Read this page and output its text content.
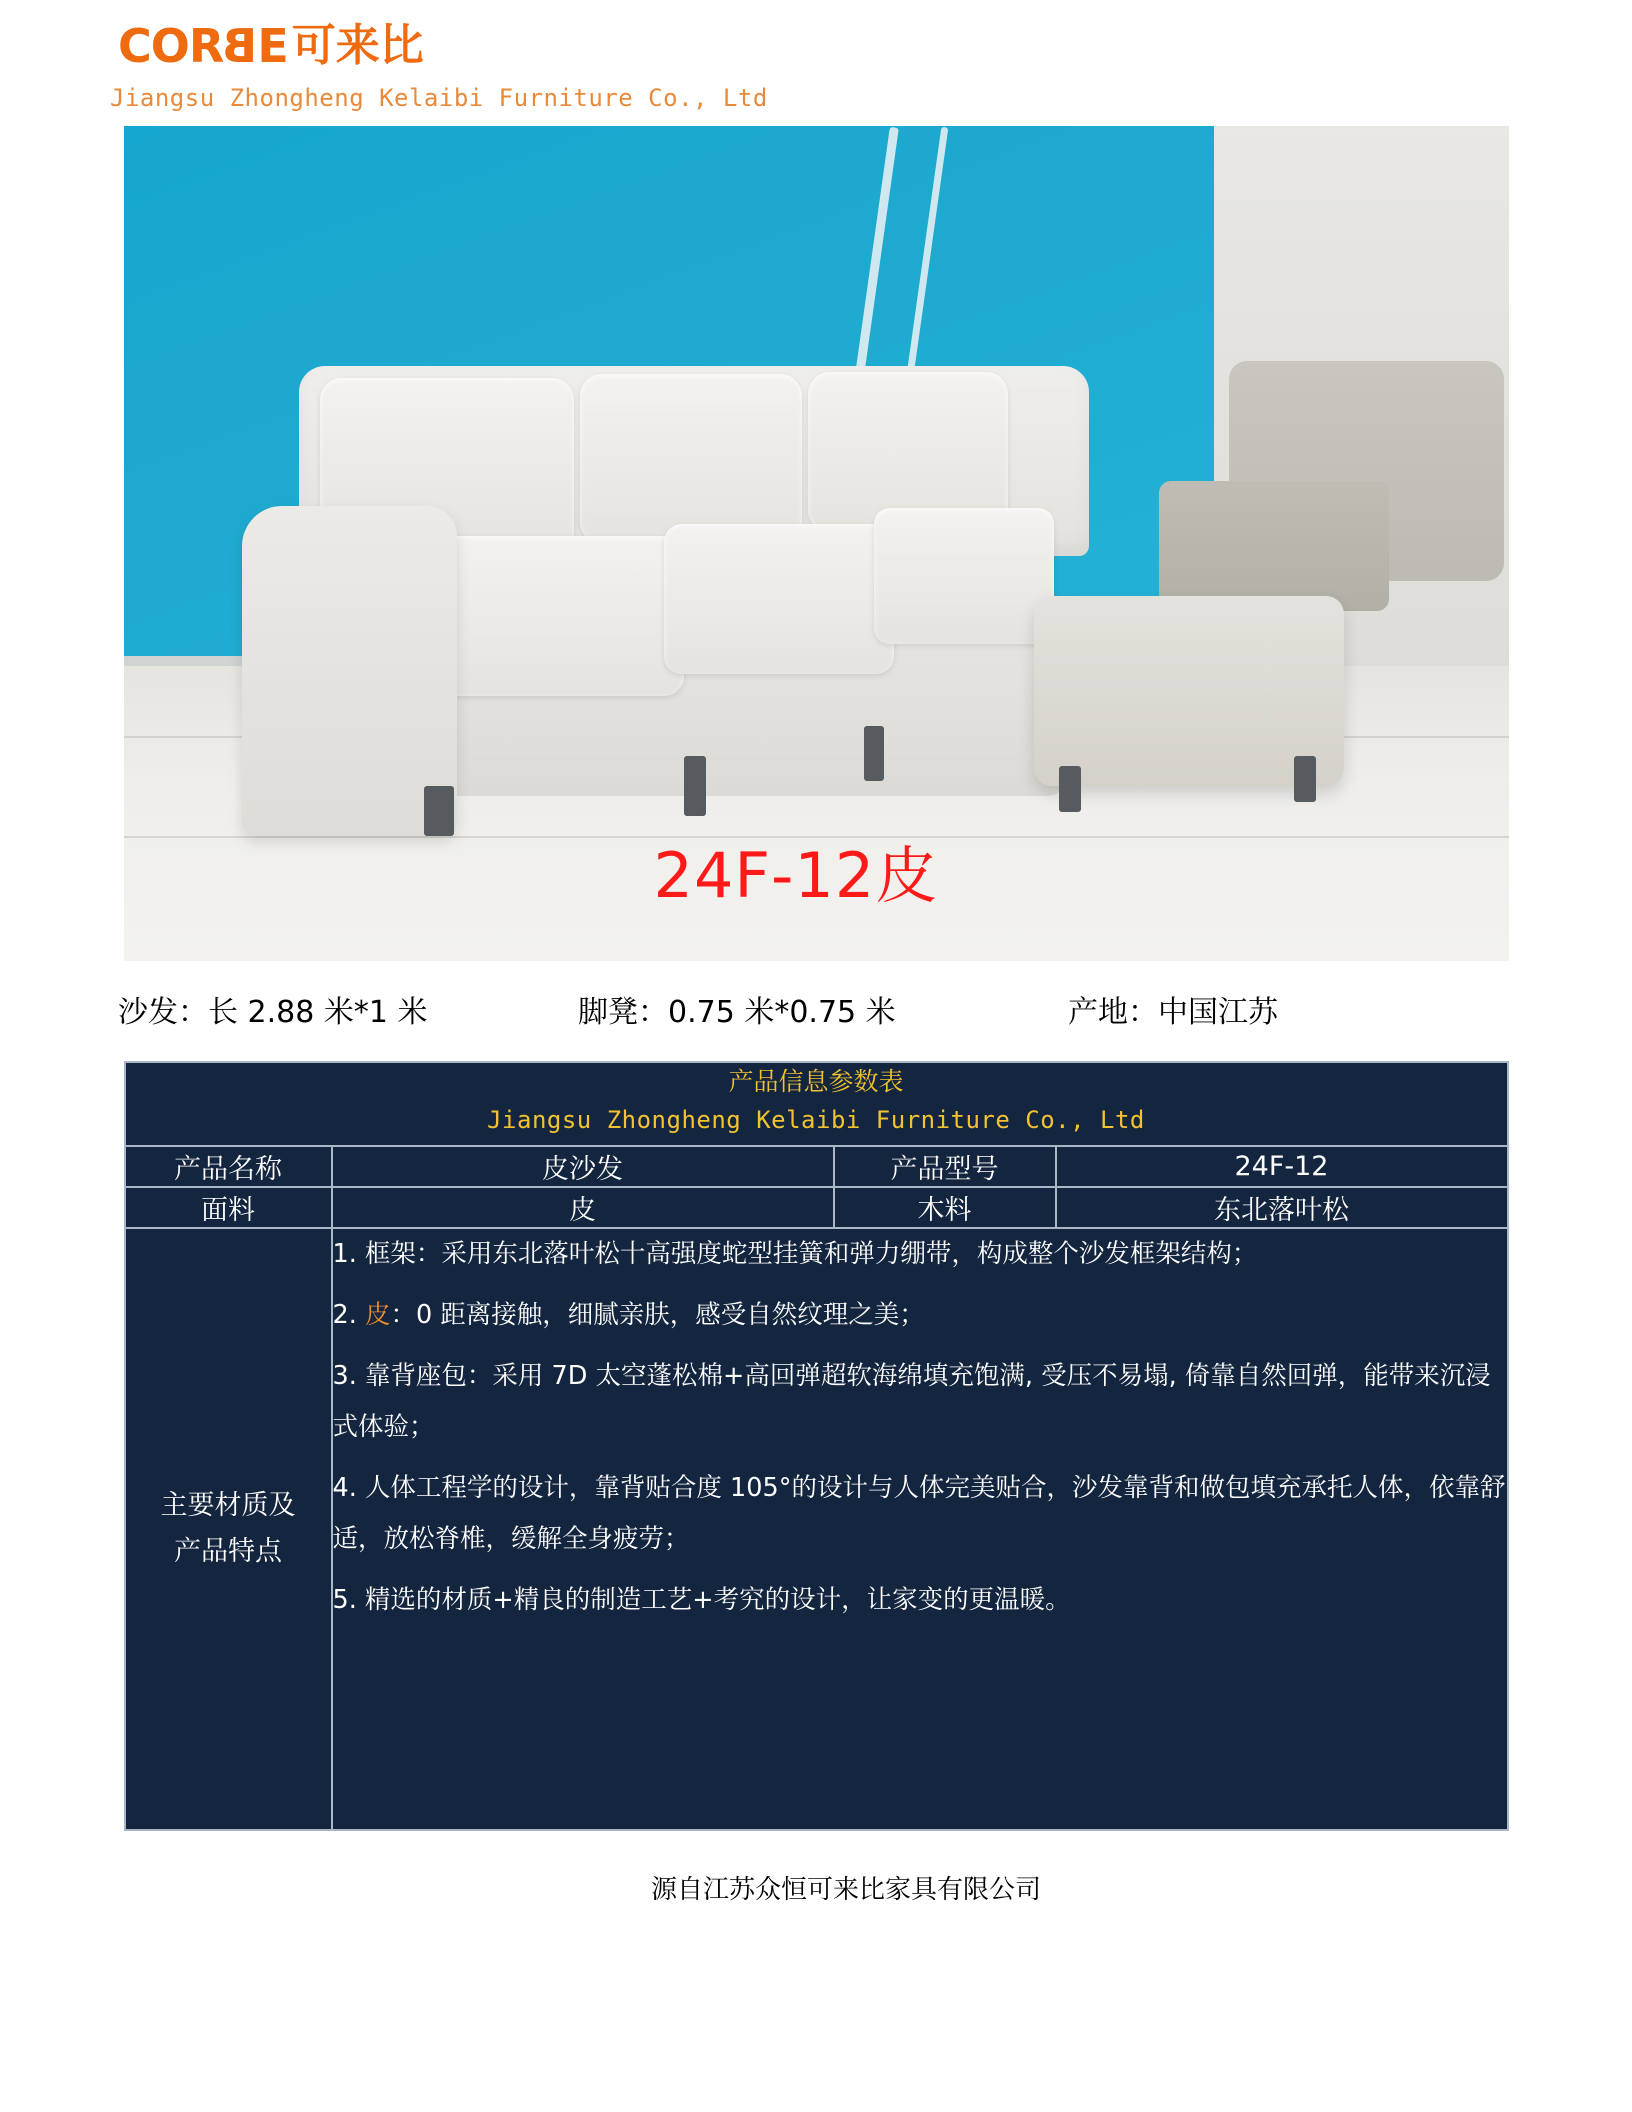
CORBE 可来比
Jiangsu Zhongheng Kelaibi Furniture Co., Ltd
24F-12皮
沙发：长 2.88 米*1 米	脚凳：0.75 米*0.75 米	产地：中国江苏
产品信息参数表
Jiangsu Zhongheng Kelaibi Furniture Co., Ltd			

产品名称	皮沙发	产品型号	24F-12
面料	皮	木料	东北落叶松

主要材质及
产品特点

1. 框架：采用东北落叶松十高强度蛇型挂簧和弹力绷带，构成整个沙发框架结构；

2. 皮：0 距离接触，细腻亲肤，感受自然纹理之美；

3. 靠背座包：采用 7D 太空蓬松棉+高回弹超软海绵填充饱满, 受压不易塌, 倚靠自然回弹，能带来沉浸式体验；

4. 人体工程学的设计，靠背贴合度 105°的设计与人体完美贴合，沙发靠背和做包填充承托人体，依靠舒适，放松脊椎，缓解全身疲劳；

5. 精选的材质+精良的制造工艺+考究的设计，让家变的更温暖。

源自江苏众恒可来比家具有限公司
